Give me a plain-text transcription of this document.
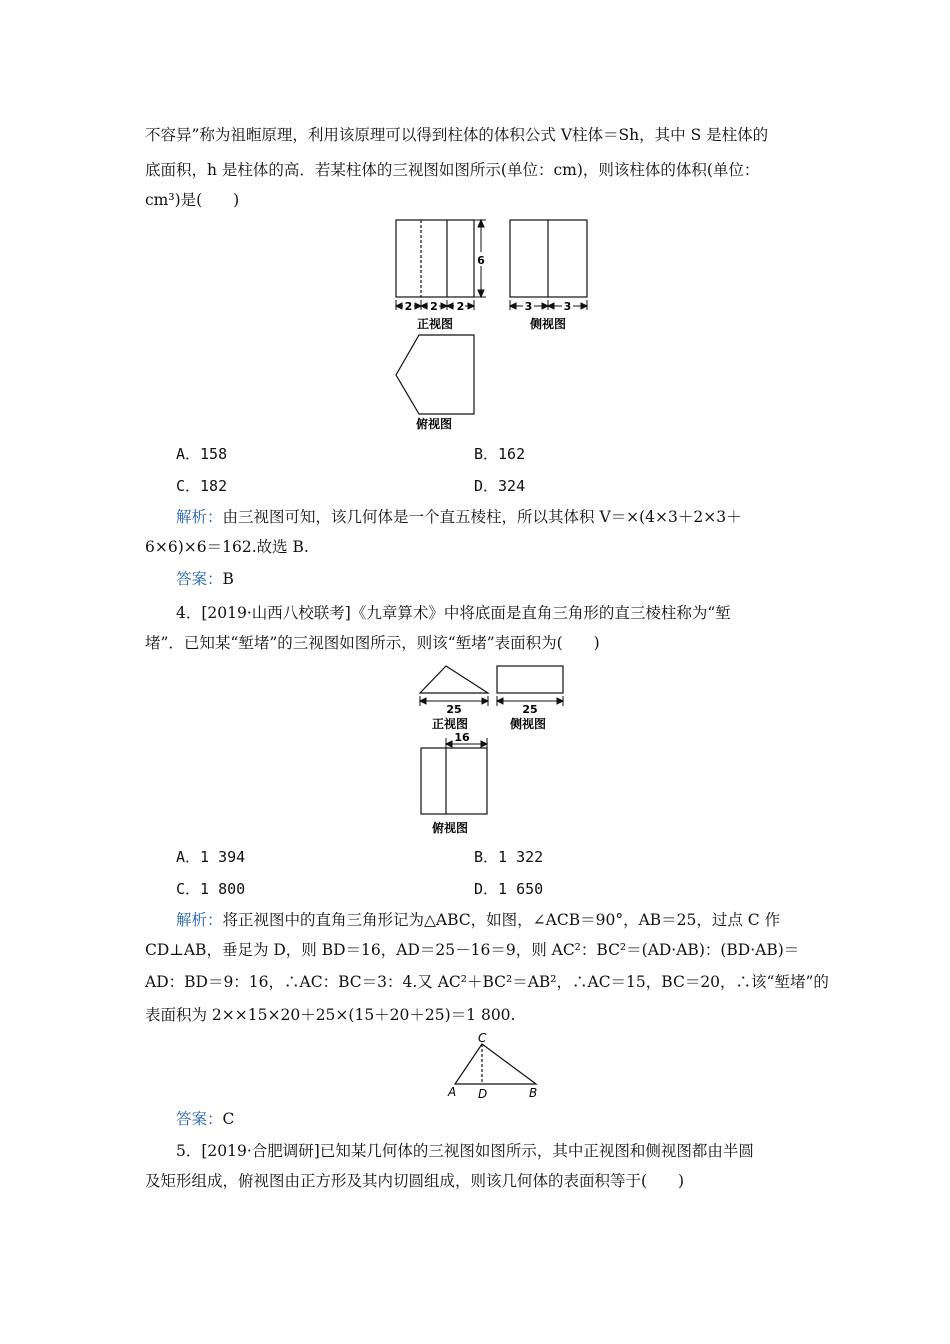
不容异”称为祖暅原理，利用该原理可以得到柱体的体积公式 V柱体＝Sh，其中 S 是柱体的
底面积，h 是柱体的高．若某柱体的三视图如图所示(单位：cm)，则该柱体的体积(单位：
cm³)是(　　)
6
2 2 2
正视图
3	3
侧视图
俯视图
A．158	B．162
C．182	D．324
解析：由三视图可知，该几何体是一个直五棱柱，所以其体积 V＝×(4×3＋2×3＋
6×6)×6＝162.故选 B.
答案：B
4．[2019·山西八校联考]《九章算术》中将底面是直角三角形的直三棱柱称为“堑
堵”．已知某“堑堵”的三视图如图所示，则该“堑堵”表面积为(　　)
25
正视图
25
侧视图
16
俯视图
A．1 394	B．1 322
C．1 800	D．1 650
解析：将正视图中的直角三角形记为△ABC，如图，∠ACB＝90°，AB＝25，过点 C 作
CD⊥AB，垂足为 D，则 BD＝16，AD＝25－16＝9，则 AC²：BC²＝(AD·AB)：(BD·AB)＝
AD：BD＝9：16，∴AC：BC＝3：4.又 AC²＋BC²＝AB²，∴AC＝15，BC＝20，∴该“堑堵”的
表面积为 2××15×20＋25×(15＋20＋25)＝1 800.
C
A D	B
答案：C
5．[2019·合肥调研]已知某几何体的三视图如图所示，其中正视图和侧视图都由半圆
及矩形组成，俯视图由正方形及其内切圆组成，则该几何体的表面积等于(　　)
